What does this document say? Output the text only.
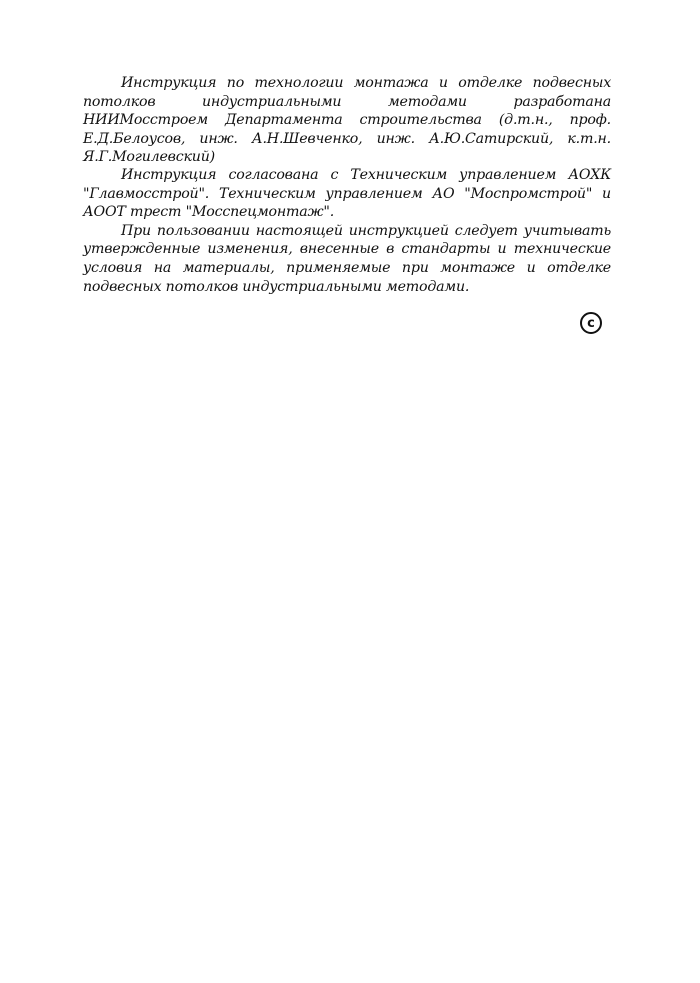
Инструкция по технологии монтажа и отделке подвесных потолков индустриальными методами разработана НИИМосстроем Департамента строительства (д.т.н., проф. Е.Д.Белоусов, инж. А.Н.Шевченко, инж. А.Ю.Сатирский, к.т.н. Я.Г.Могилевский)

Инструкция согласована с Техническим управлением АОХК "Главмосстрой". Техническим управлением АО "Моспромстрой" и АООТ трест "Мосспецмонтаж".

При пользовании настоящей инструкцией следует учитывать утвержденные изменения, внесенные в стандарты и технические условия на материалы, применяемые при монтаже и отделке подвесных потолков индустриальными методами.

c
